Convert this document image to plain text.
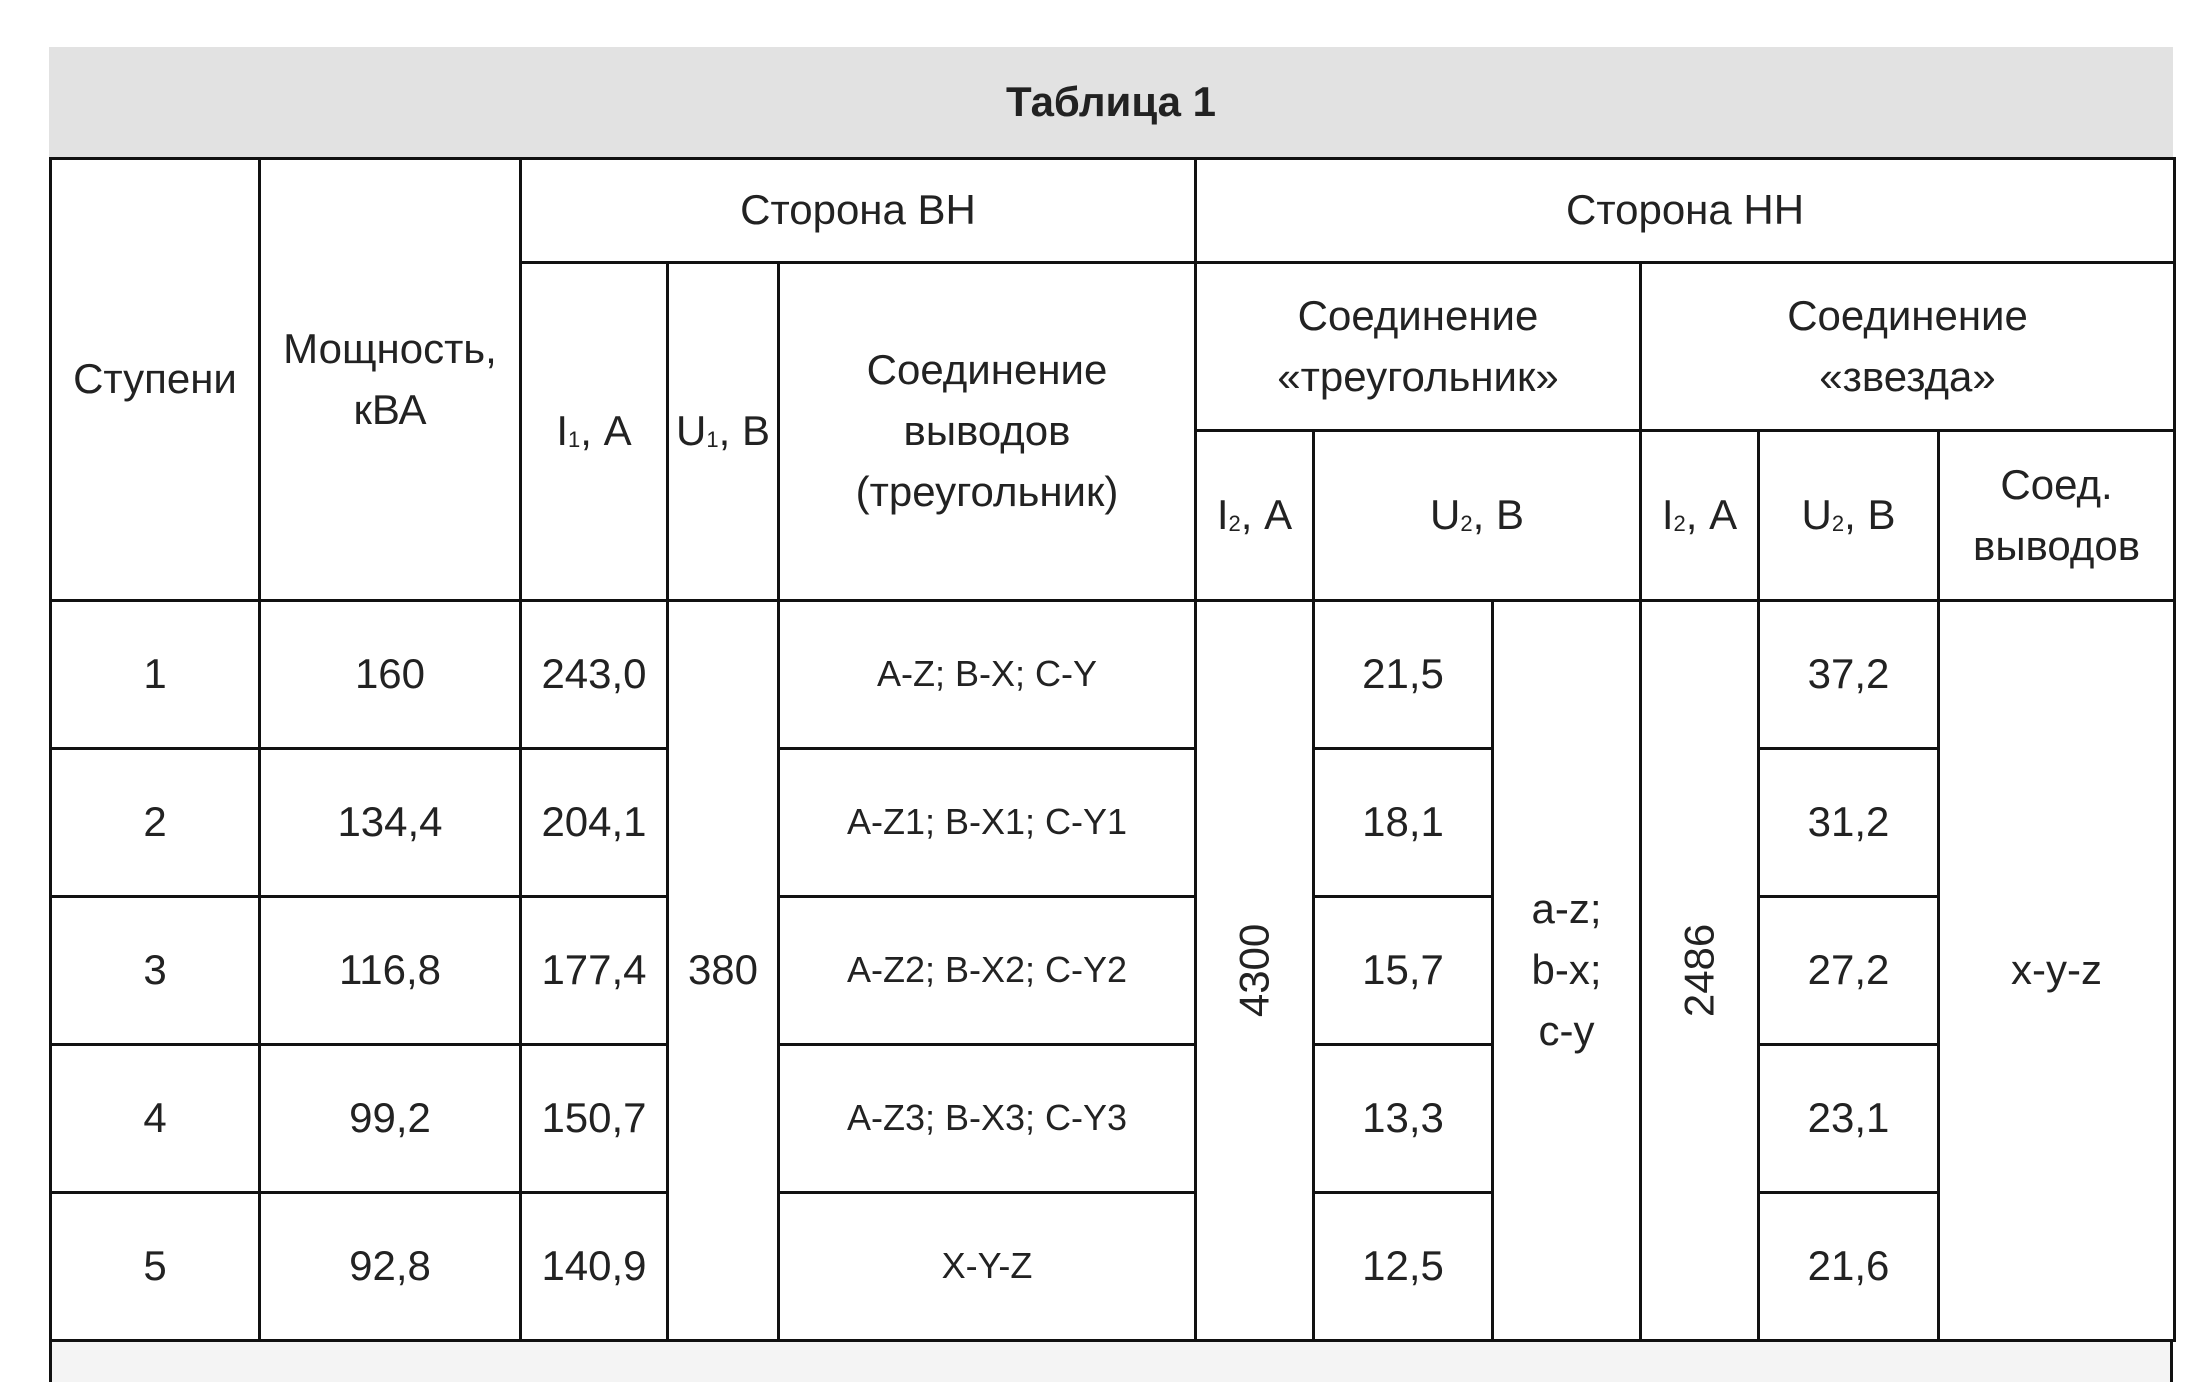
Таблица 1
Ступени	Мощность, кВА	Сторона ВН			Сторона НН					
		$I_1$, А	$U_1$, В	Соединение выводов (треугольник)	Соединение «треугольник»			Соединение «звезда»		
					$I_2$, А	$U_2$, В		$I_2$, А	$U_2$, В	Соед. выводов
1	160	243,0	380	A-Z; B-X; C-Y	4300	21,5	a-z; b-x; c-y	2486	37,2	x-y-z
2	134,4	204,1		A-Z1; B-X1; C-Y1		18,1			31,2	
3	116,8	177,4		A-Z2; B-X2; C-Y2		15,7			27,2	
4	99,2	150,7		A-Z3; B-X3; C-Y3		13,3			23,1	
5	92,8	140,9		X-Y-Z		12,5			21,6	
